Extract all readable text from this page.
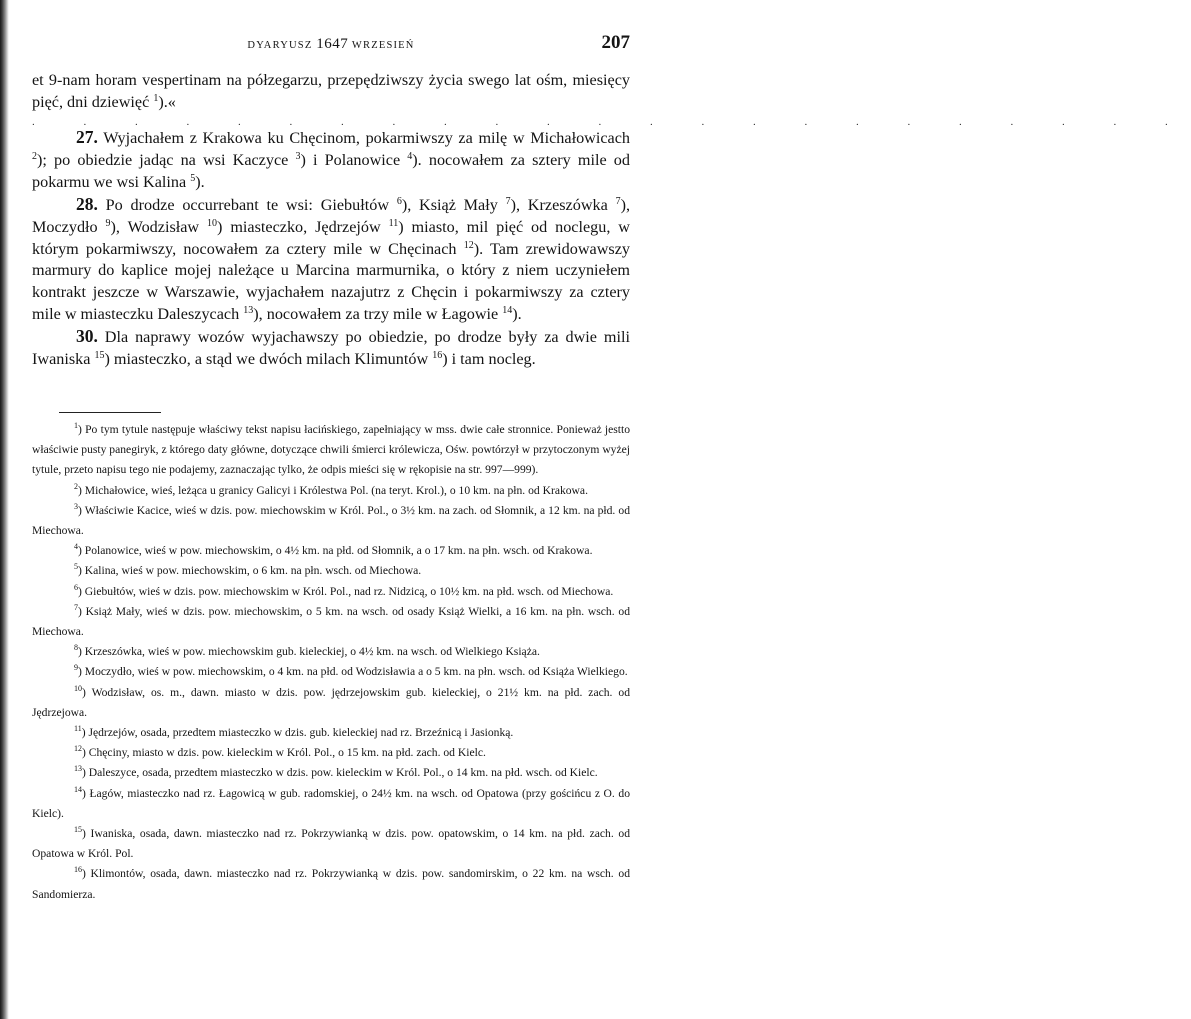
DYARYUSZ 1647 WRZESIEŃ	207

et 9-nam horam vespertinam na półzegarzu, przepędziwszy życia swego lat ośm, miesięcy pięć, dni dziewięć $^1$).«

. . . . . . . . . . . . . . . . . . . . . . .

27. Wyjachałem z Krakowa ku Chęcinom, pokarmiwszy za milę w Michałowicach $^2$); po obiedzie jadąc na wsi Kaczyce $^3$) i Polanowice $^4$). nocowałem za sztery mile od pokarmu we wsi Kalina $^5$).

28. Po drodze occurrebant te wsi: Giebułtów $^6$), Książ Mały $^7$), Krzeszówka $^7$), Moczydło $^9$), Wodzisław $^{10}$) miasteczko, Jędrzejów $^{11}$) miasto, mil pięć od noclegu, w którym pokarmiwszy, nocowałem za cztery mile w Chęcinach $^{12}$). Tam zrewidowawszy marmury do kaplice mojej należące u Marcina marmurnika, o który z niem uczyniełem kontrakt jeszcze w Warszawie, wyjachałem nazajutrz z Chęcin i pokarmiwszy za cztery mile w miasteczku Daleszycach $^{13}$), nocowałem za trzy mile w Łagowie $^{14}$).

30. Dla naprawy wozów wyjachawszy po obiedzie, po drodze były za dwie mili Iwaniska $^{15}$) miasteczko, a stąd we dwóch milach Klimuntów $^{16}$) i tam nocleg.

$^1$) Po tym tytule następuje właściwy tekst napisu łacińskiego, zapełniający w mss. dwie całe stronnice. Ponieważ jestto właściwie pusty panegiryk, z którego daty główne, dotyczące chwili śmierci królewicza, Ośw. powtórzył w przytoczonym wyżej tytule, przeto napisu tego nie podajemy, zaznaczając tylko, że odpis mieści się w rękopisie na str. 997—999).

$^2$) Michałowice, wieś, leżąca u granicy Galicyi i Królestwa Pol. (na teryt. Krol.), o 10 km. na płn. od Krakowa.

$^3$) Właściwie Kacice, wieś w dzis. pow. miechowskim w Król. Pol., o 3½ km. na zach. od Słomnik, a 12 km. na płd. od Miechowa.

$^4$) Polanowice, wieś w pow. miechowskim, o 4½ km. na płd. od Słomnik, a o 17 km. na płn. wsch. od Krakowa.

$^5$) Kalina, wieś w pow. miechowskim, o 6 km. na płn. wsch. od Miechowa.

$^6$) Giebułtów, wieś w dzis. pow. miechowskim w Król. Pol., nad rz. Nidzicą, o 10½ km. na płd. wsch. od Miechowa.

$^7$) Książ Mały, wieś w dzis. pow. miechowskim, o 5 km. na wsch. od osady Książ Wielki, a 16 km. na płn. wsch. od Miechowa.

$^8$) Krzeszówka, wieś w pow. miechowskim gub. kieleckiej, o 4½ km. na wsch. od Wielkiego Książa.

$^9$) Moczydło, wieś w pow. miechowskim, o 4 km. na płd. od Wodzisławia a o 5 km. na płn. wsch. od Książa Wielkiego.

$^{10}$) Wodzisław, os. m., dawn. miasto w dzis. pow. jędrzejowskim gub. kieleckiej, o 21½ km. na płd. zach. od Jędrzejowa.

$^{11}$) Jędrzejów, osada, przedtem miasteczko w dzis. gub. kieleckiej nad rz. Brzeźnicą i Jasionką.

$^{12}$) Chęciny, miasto w dzis. pow. kieleckim w Król. Pol., o 15 km. na płd. zach. od Kielc.

$^{13}$) Daleszyce, osada, przedtem miasteczko w dzis. pow. kieleckim w Król. Pol., o 14 km. na płd. wsch. od Kielc.

$^{14}$) Łagów, miasteczko nad rz. Łagowicą w gub. radomskiej, o 24½ km. na wsch. od Opatowa (przy gościńcu z O. do Kielc).

$^{15}$) Iwaniska, osada, dawn. miasteczko nad rz. Pokrzywianką w dzis. pow. opatowskim, o 14 km. na płd. zach. od Opatowa w Król. Pol.

$^{16}$) Klimontów, osada, dawn. miasteczko nad rz. Pokrzywianką w dzis. pow. sandomirskim, o 22 km. na wsch. od Sandomierza.
